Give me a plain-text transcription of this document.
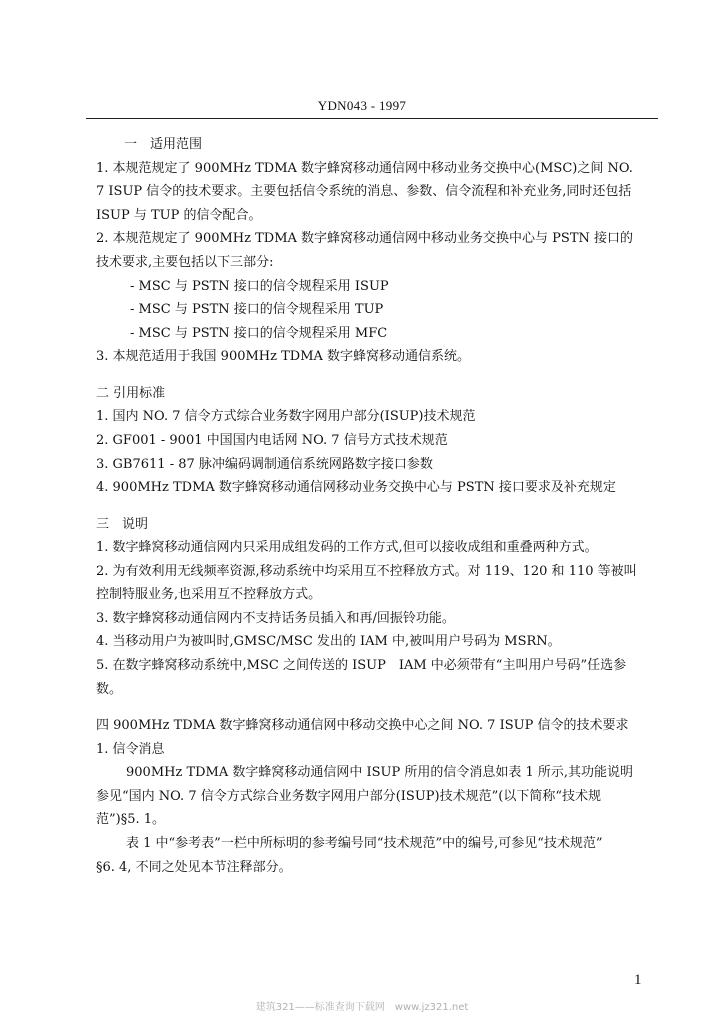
YDN043 - 1997
一　适用范围
1. 本规范规定了 900MHz TDMA 数字蜂窝移动通信网中移动业务交换中心(MSC)之间 NO.
7 ISUP 信令的技术要求。主要包括信令系统的消息、参数、信令流程和补充业务,同时还包括
ISUP 与 TUP 的信令配合。
2. 本规范规定了 900MHz TDMA 数字蜂窝移动通信网中移动业务交换中心与 PSTN 接口的
技术要求,主要包括以下三部分:
- MSC 与 PSTN 接口的信令规程采用 ISUP
- MSC 与 PSTN 接口的信令规程采用 TUP
- MSC 与 PSTN 接口的信令规程采用 MFC
3. 本规范适用于我国 900MHz TDMA 数字蜂窝移动通信系统。
二 引用标准
1. 国内 NO. 7 信令方式综合业务数字网用户部分(ISUP)技术规范
2. GF001 - 9001 中国国内电话网 NO. 7 信号方式技术规范
3. GB7611 - 87 脉冲编码调制通信系统网路数字接口参数
4. 900MHz TDMA 数字蜂窝移动通信网移动业务交换中心与 PSTN 接口要求及补充规定
三　说明
1. 数字蜂窝移动通信网内只采用成组发码的工作方式,但可以接收成组和重叠两种方式。
2. 为有效利用无线频率资源,移动系统中均采用互不控释放方式。对 119、120 和 110 等被叫
控制特服业务,也采用互不控释放方式。
3. 数字蜂窝移动通信网内不支持话务员插入和再/回振铃功能。
4. 当移动用户为被叫时,GMSC/MSC 发出的 IAM 中,被叫用户号码为 MSRN。
5. 在数字蜂窝移动系统中,MSC 之间传送的 ISUP　IAM 中必须带有“主叫用户号码”任选参
数。
四 900MHz TDMA 数字蜂窝移动通信网中移动交换中心之间 NO. 7 ISUP 信令的技术要求
1. 信令消息
900MHz TDMA 数字蜂窝移动通信网中 ISUP 所用的信令消息如表 1 所示,其功能说明
参见“国内 NO. 7 信令方式综合业务数字网用户部分(ISUP)技术规范”(以下简称“技术规
范”)§5. 1。
表 1 中“参考表”一栏中所标明的参考编号同“技术规范”中的编号,可参见“技术规范”
§6. 4, 不同之处见本节注释部分。
1
建筑321——标准查询下载网　www.jz321.net
